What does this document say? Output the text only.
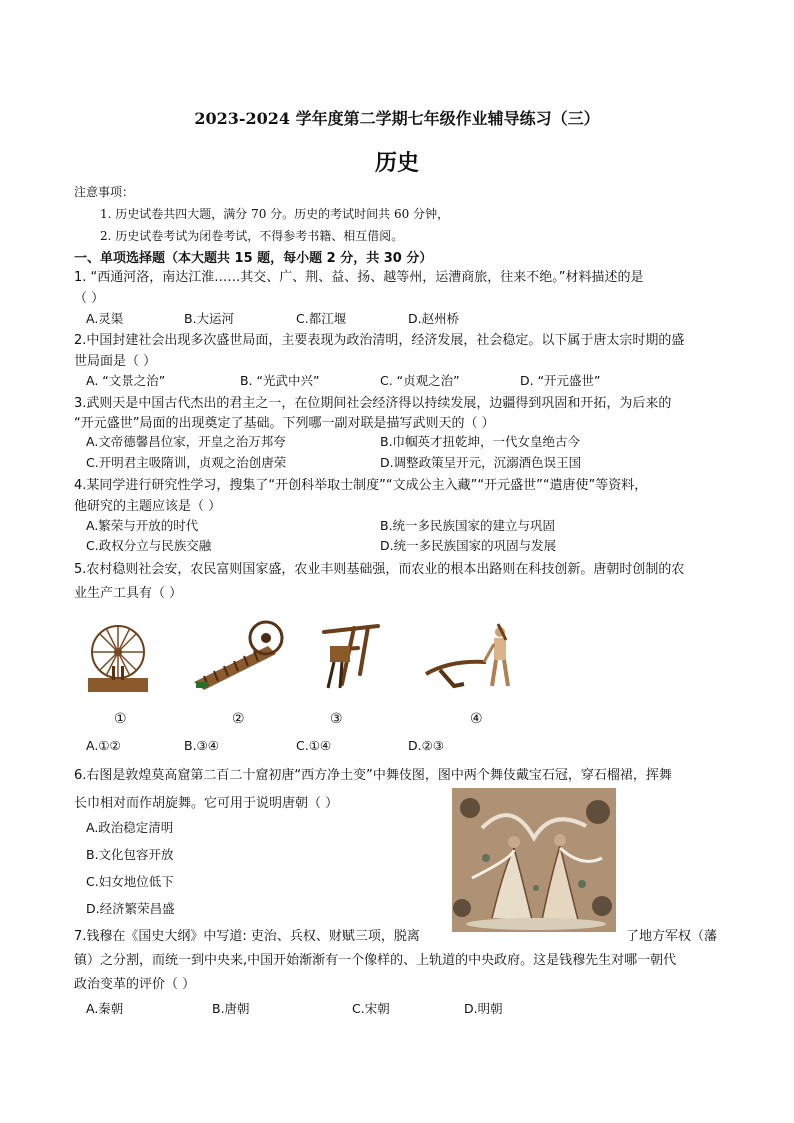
2023-2024 学年度第二学期七年级作业辅导练习（三）
历史
注意事项：
1. 历史试卷共四大题，满分 70 分。历史的考试时间共 60 分钟，
2. 历史试卷考试为闭卷考试，不得参考书籍、相互借阅。
一、单项选择题（本大题共 15 题，每小题 2 分，共 30 分）
1. “西通河洛，南达江淮……其交、广、荆、益、扬、越等州，运漕商旅，往来不绝。”材料描述的是
（ ）
A.灵渠	B.大运河	C.都江堰	D.赵州桥
2.中国封建社会出现多次盛世局面，主要表现为政治清明，经济发展，社会稳定。以下属于唐太宗时期的盛
世局面是（ ）
A. “文景之治”	B. “光武中兴”	C. “贞观之治”	D. “开元盛世”
3.武则天是中国古代杰出的君主之一，在位期间社会经济得以持续发展，边疆得到巩固和开拓，为后来的
“开元盛世”局面的出现奠定了基础。下列哪一副对联是描写武则天的（ ）
A.文帝德馨昌位家，开皇之治万邦夸	B.巾帼英才扭乾坤，一代女皇绝古今
C.开明君主吸隋训，贞观之治创唐荣	D.调整政策呈开元，沉溺酒色误王国
4.某同学进行研究性学习，搜集了“开创科举取士制度”“文成公主入藏”“开元盛世”“遣唐使”等资料，
他研究的主题应该是（ ）
A.繁荣与开放的时代	B.统一多民族国家的建立与巩固
C.政权分立与民族交融	D.统一多民族国家的巩固与发展
5.农村稳则社会安，农民富则国家盛，农业丰则基础强，而农业的根本出路则在科技创新。唐朝时创制的农
业生产工具有（ ）
①	②	③	④
A.①②	B.③④	C.①④	D.②③
6.右图是敦煌莫高窟第二百二十窟初唐“西方净土变”中舞伎图，图中两个舞伎戴宝石冠，穿石榴裙，挥舞
长巾相对而作胡旋舞。它可用于说明唐朝（ ）
A.政治稳定清明
B.文化包容开放
C.妇女地位低下
D.经济繁荣昌盛
7.钱穆在《国史大纲》中写道: 吏治、兵权、财赋三项，脱离	了地方军权（藩
镇）之分割，而统一到中央来,中国开始渐渐有一个像样的、上轨道的中央政府。这是钱穆先生对哪一朝代
政治变革的评价（ ）
A.秦朝	B.唐朝	C.宋朝	D.明朝
